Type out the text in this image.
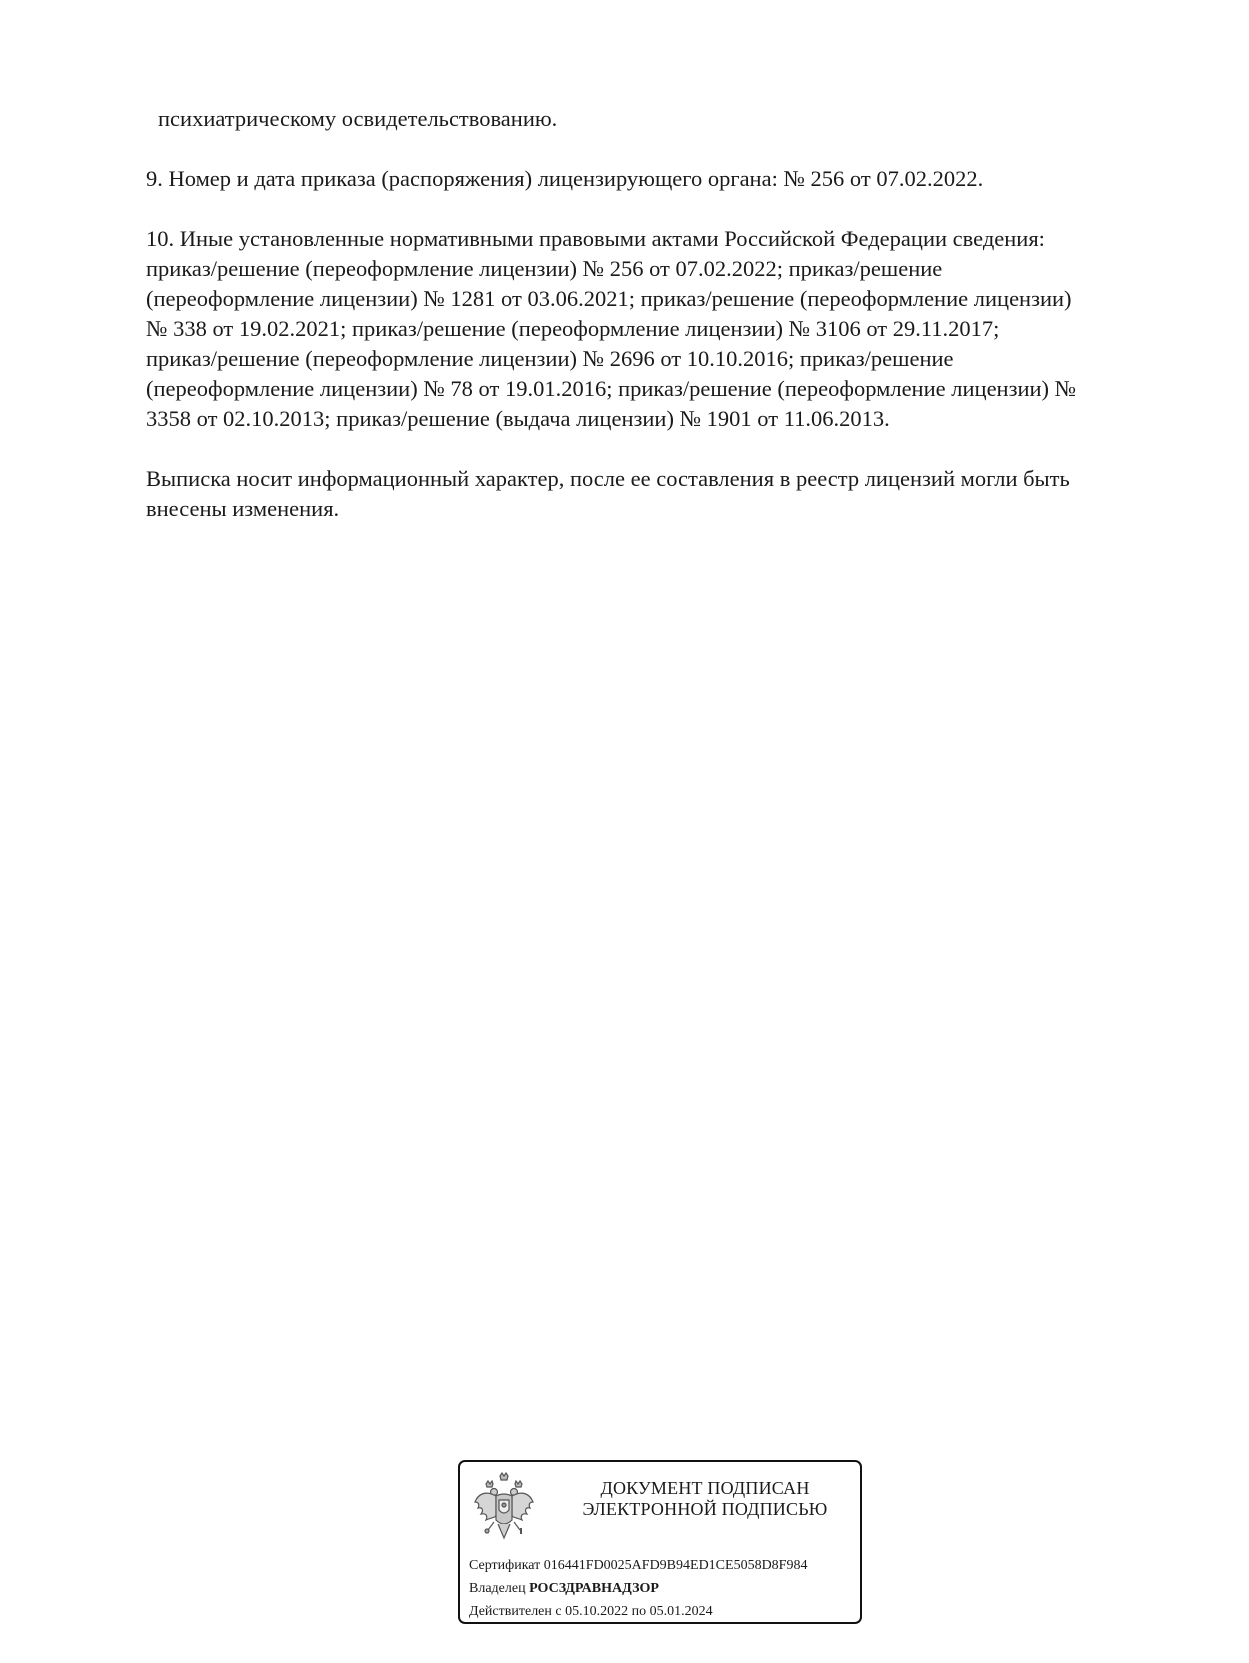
психиатрическому освидетельствованию.

9. Номер и дата приказа (распоряжения) лицензирующего органа: № 256 от 07.02.2022.

10. Иные установленные нормативными правовыми актами Российской Федерации сведения:

приказ/решение (переоформление лицензии) № 256 от 07.02.2022; приказ/решение

(переоформление лицензии) № 1281 от 03.06.2021; приказ/решение (переоформление лицензии)

№ 338 от 19.02.2021; приказ/решение (переоформление лицензии) № 3106 от 29.11.2017;

приказ/решение (переоформление лицензии) № 2696 от 10.10.2016; приказ/решение

(переоформление лицензии) № 78 от 19.01.2016; приказ/решение (переоформление лицензии) №

3358 от 02.10.2013; приказ/решение (выдача лицензии) № 1901 от 11.06.2013.

Выписка носит информационный характер, после ее составления в реестр лицензий могли быть

внесены изменения.

ДОКУМЕНТ ПОДПИСАН
ЭЛЕКТРОННОЙ ПОДПИСЬЮ
Сертификат 016441FD0025AFD9B94ED1CE5058D8F984
Владелец РОСЗДРАВНАДЗОР
Действителен с 05.10.2022 по 05.01.2024
